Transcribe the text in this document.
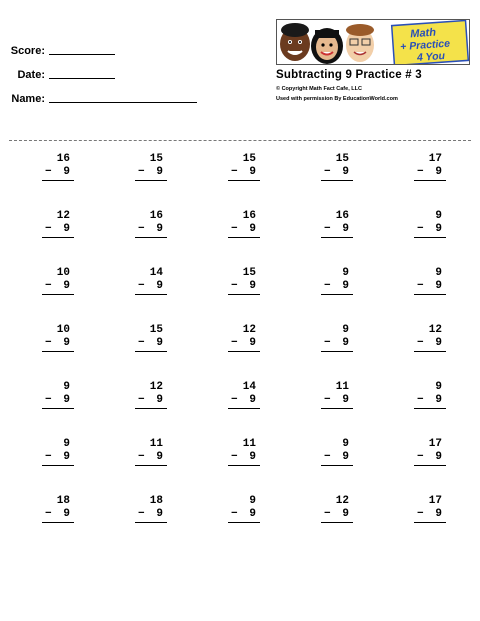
Score:
Date:
Name:
Math
+ Practice
4 You
Subtracting 9 Practice # 3
© Copyright Math Fact Cafe, LLC
Used with permission By EducationWorld.com
16
− 9
15
− 9
15
− 9
15
− 9
17
− 9
12
− 9
16
− 9
16
− 9
16
− 9
9
− 9
10
− 9
14
− 9
15
− 9
9
− 9
9
− 9
10
− 9
15
− 9
12
− 9
9
− 9
12
− 9
9
− 9
12
− 9
14
− 9
11
− 9
9
− 9
9
− 9
11
− 9
11
− 9
9
− 9
17
− 9
18
− 9
18
− 9
9
− 9
12
− 9
17
− 9
